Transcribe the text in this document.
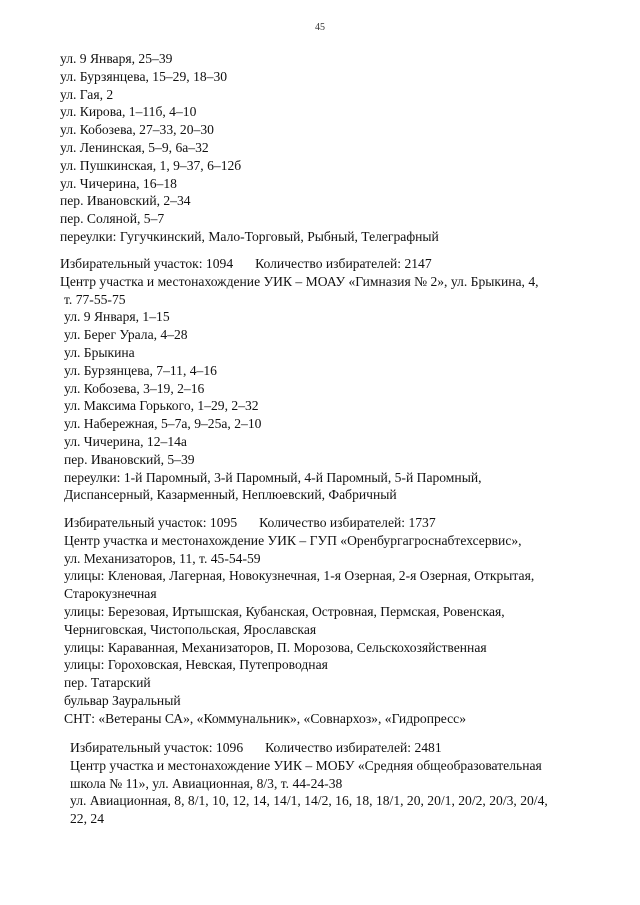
45
ул. 9 Января, 25–39
ул. Бурзянцева, 15–29, 18–30
ул. Гая, 2
ул. Кирова, 1–11б, 4–10
ул. Кобозева, 27–33, 20–30
ул. Ленинская, 5–9, 6а–32
ул. Пушкинская, 1, 9–37, 6–12б
ул. Чичерина, 16–18
пер. Ивановский, 2–34
пер. Соляной, 5–7
переулки: Гугучкинский, Мало-Торговый, Рыбный, Телеграфный
Избирательный участок: 1094 Количество избирателей: 2147
Центр участка и местонахождение УИК – МОАУ «Гимназия № 2», ул. Брыкина, 4,
т. 77-55-75
ул. 9 Января, 1–15
ул. Берег Урала, 4–28
ул. Брыкина
ул. Бурзянцева, 7–11, 4–16
ул. Кобозева, 3–19, 2–16
ул. Максима Горького, 1–29, 2–32
ул. Набережная, 5–7а, 9–25а, 2–10
ул. Чичерина, 12–14а
пер. Ивановский, 5–39
переулки: 1-й Паромный, 3-й Паромный, 4-й Паромный, 5-й Паромный,
Диспансерный, Казарменный, Неплюевский, Фабричный
Избирательный участок: 1095 Количество избирателей: 1737
Центр участка и местонахождение УИК – ГУП «Оренбургагроснабтехсервис»,
ул. Механизаторов, 11, т. 45-54-59
улицы: Кленовая, Лагерная, Новокузнечная, 1-я Озерная, 2-я Озерная, Открытая,
Старокузнечная
улицы: Березовая, Иртышская, Кубанская, Островная, Пермская, Ровенская,
Черниговская, Чистопольская, Ярославская
улицы: Караванная, Механизаторов, П. Морозова, Сельскохозяйственная
улицы: Гороховская, Невская, Путепроводная
пер. Татарский
бульвар Зауральный
СНТ: «Ветераны СА», «Коммунальник», «Совнархоз», «Гидропресс»
Избирательный участок: 1096 Количество избирателей: 2481
Центр участка и местонахождение УИК – МОБУ «Средняя общеобразовательная
школа № 11», ул. Авиационная, 8/3, т. 44-24-38
ул. Авиационная, 8, 8/1, 10, 12, 14, 14/1, 14/2, 16, 18, 18/1, 20, 20/1, 20/2, 20/3, 20/4,
22, 24
